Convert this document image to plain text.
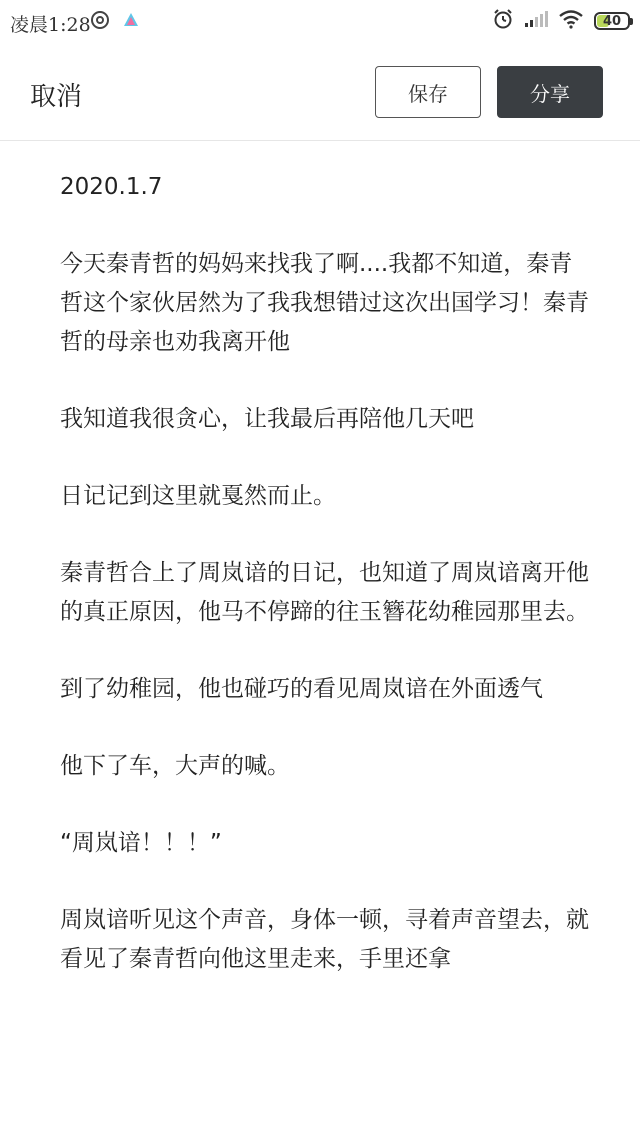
凌晨1:28	40
取消	保存	分享

2020.1.7

今天秦青哲的妈妈来找我了啊....我都不知道，秦青哲这个家伙居然为了我我想错过这次出国学习！秦青哲的母亲也劝我离开他

我知道我很贪心，让我最后再陪他几天吧

日记记到这里就戛然而止。

秦青哲合上了周岚谙的日记，也知道了周岚谙离开他的真正原因，他马不停蹄的往玉簪花幼稚园那里去。

到了幼稚园，他也碰巧的看见周岚谙在外面透气

他下了车，大声的喊。

“周岚谙！！！”

周岚谙听见这个声音，身体一顿，寻着声音望去，就看见了秦青哲向他这里走来，手里还拿
